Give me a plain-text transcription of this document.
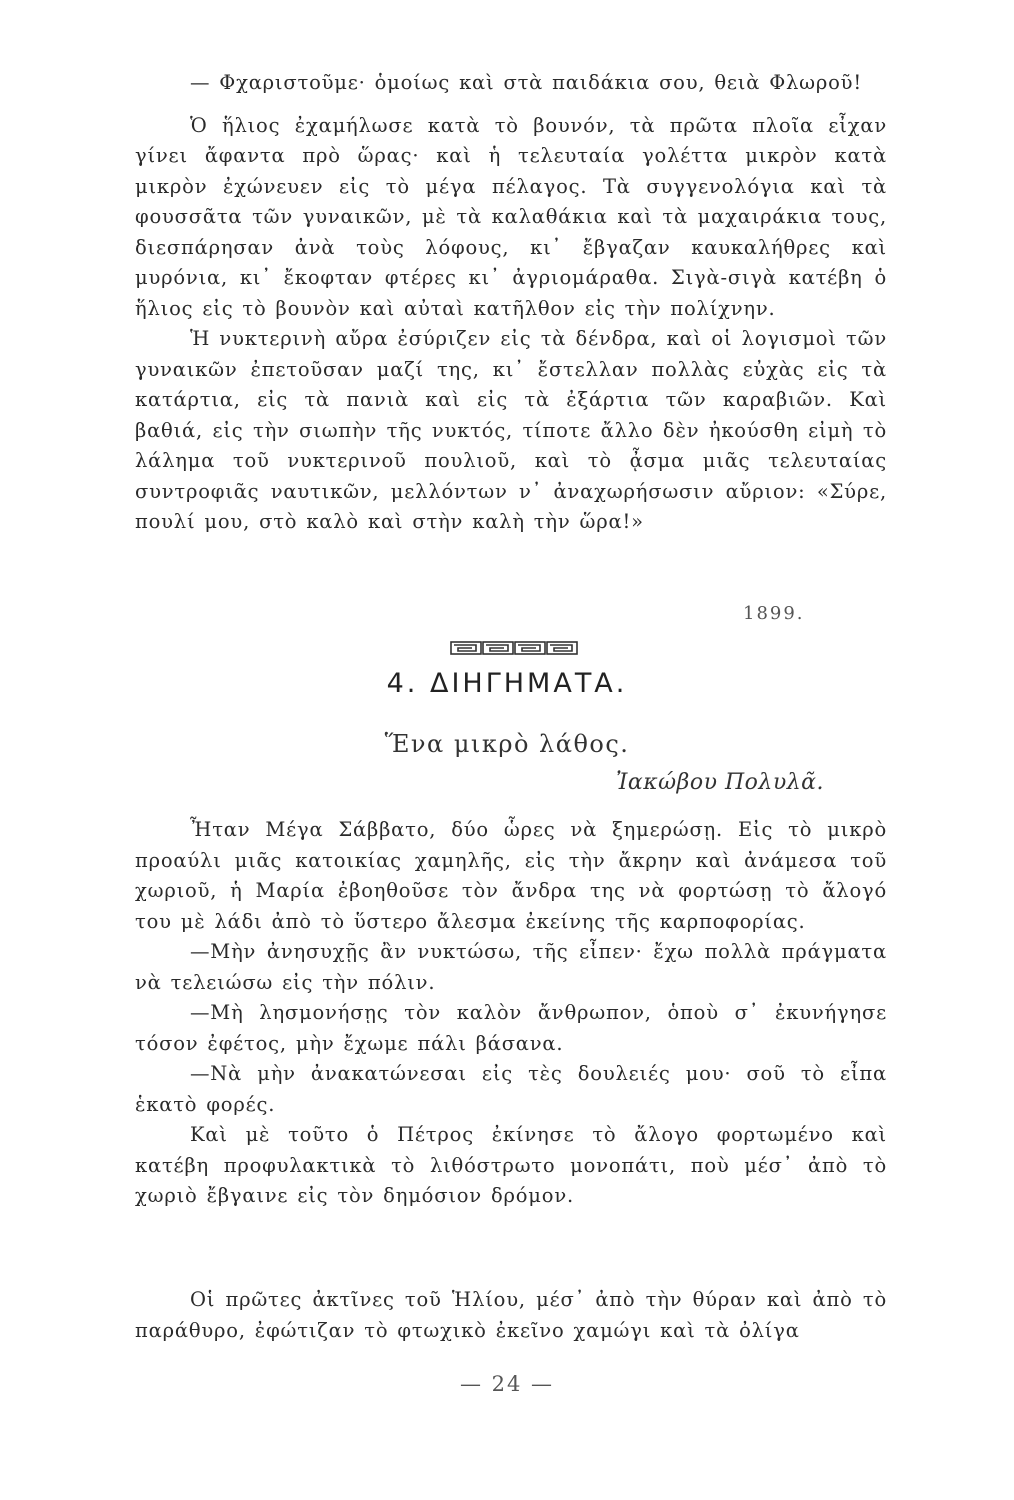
— Φχαριστοῦμε· ὁμοίως καὶ στὰ παιδάκια σου, θειὰ Φλωροῦ!

Ὁ ἥλιος ἐχαμήλωσε κατὰ τὸ βουνόν, τὰ πρῶτα πλοῖα εἶχαν γίνει ἄφαντα πρὸ ὥρας· καὶ ἡ τελευταία γολέττα μικρὸν κατὰ μικρὸν ἐχώνευεν εἰς τὸ μέγα πέλαγος. Τὰ συγγενολόγια καὶ τὰ φουσσᾶτα τῶν γυναικῶν, μὲ τὰ καλαθάκια καὶ τὰ μαχαιράκια τους, διεσπάρησαν ἀνὰ τοὺς λόφους, κι᾽ ἔβγαζαν καυκαλήθρες καὶ μυρόνια, κι᾽ ἔκοφταν φτέρες κι᾽ ἀγριομάραθα. Σιγὰ-σιγὰ κατέβη ὁ ἥλιος εἰς τὸ βουνὸν καὶ αὐταὶ κατῆλθον εἰς τὴν πολίχνην.

Ἡ νυκτερινὴ αὔρα ἐσύριζεν εἰς τὰ δένδρα, καὶ οἱ λογισμοὶ τῶν γυναικῶν ἐπετοῦσαν μαζί της, κι᾽ ἔστελλαν πολλὰς εὐχὰς εἰς τὰ κατάρτια, εἰς τὰ πανιὰ καὶ εἰς τὰ ἐξάρτια τῶν καραβιῶν. Καὶ βαθιά, εἰς τὴν σιωπὴν τῆς νυκτός, τίποτε ἄλλο δὲν ἠκούσθη εἰμὴ τὸ λάλημα τοῦ νυκτερινοῦ πουλιοῦ, καὶ τὸ ᾆσμα μιᾶς τελευταίας συντροφιᾶς ναυτικῶν, μελλόντων ν᾽ ἀναχωρήσωσιν αὔριον: «Σύρε, πουλί μου, στὸ καλὸ καὶ στὴν καλὴ τὴν ὥρα!»

1899.
4. ΔΙΗΓΗΜΑΤΑ.
Ἕνα μικρὸ λάθος.
Ἰακώβου Πολυλᾶ.

Ἦταν Μέγα Σάββατο, δύο ὧρες νὰ ξημερώσῃ. Εἰς τὸ μικρὸ προαύλι μιᾶς κατοικίας χαμηλῆς, εἰς τὴν ἄκρην καὶ ἀνάμεσα τοῦ χωριοῦ, ἡ Μαρία ἐβοηθοῦσε τὸν ἄνδρα της νὰ φορτώσῃ τὸ ἄλογό του μὲ λάδι ἀπὸ τὸ ὕστερο ἄλεσμα ἐκείνης τῆς καρποφορίας.

—Μὴν ἀνησυχῇς ἂν νυκτώσω, τῆς εἶπεν· ἔχω πολλὰ πράγματα νὰ τελειώσω εἰς τὴν πόλιν.

—Μὴ λησμονήσῃς τὸν καλὸν ἄνθρωπον, ὁποὺ σ᾽ ἐκυνήγησε τόσον ἐφέτος, μὴν ἔχωμε πάλι βάσανα.

—Νὰ μὴν ἀνακατώνεσαι εἰς τὲς δουλειές μου· σοῦ τὸ εἶπα ἑκατὸ φορές.

Καὶ μὲ τοῦτο ὁ Πέτρος ἐκίνησε τὸ ἄλογο φορτωμένο καὶ κατέβη προφυλακτικὰ τὸ λιθόστρωτο μονοπάτι, ποὺ μέσ᾽ ἀπὸ τὸ χωριὸ ἔβγαινε εἰς τὸν δημόσιον δρόμον.

Οἱ πρῶτες ἀκτῖνες τοῦ Ἡλίου, μέσ᾽ ἀπὸ τὴν θύραν καὶ ἀπὸ τὸ παράθυρο, ἐφώτιζαν τὸ φτωχικὸ ἐκεῖνο χαμώγι καὶ τὰ ὀλίγα

— 24 —
